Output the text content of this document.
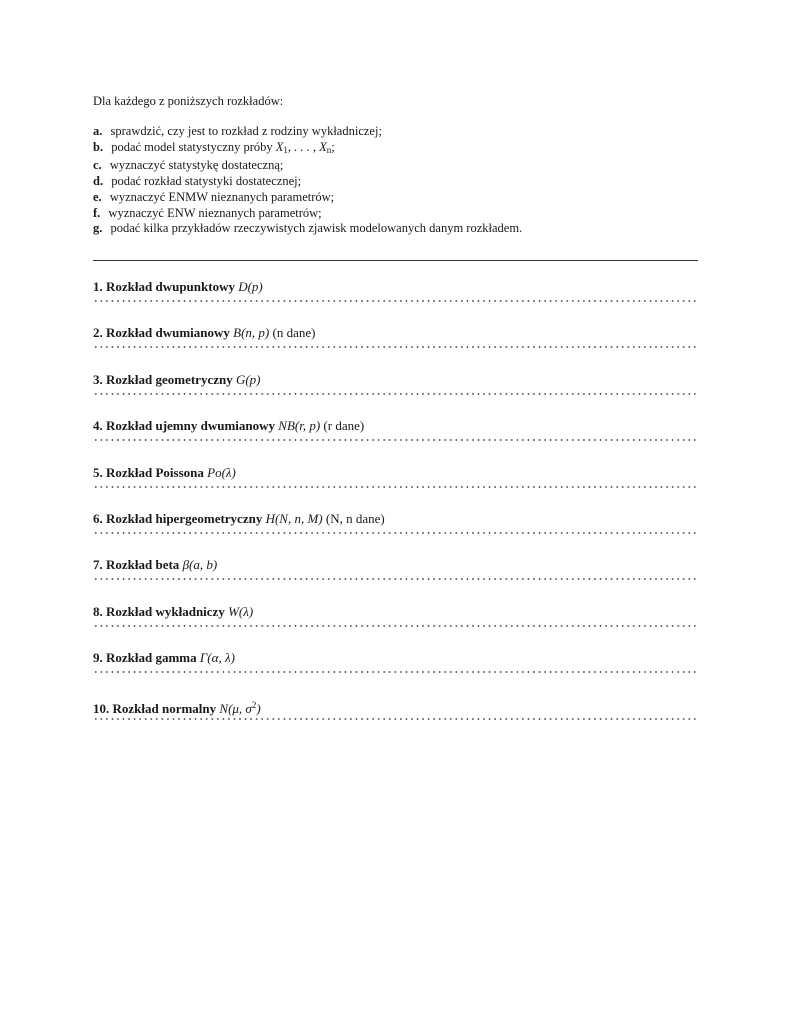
Dla każdego z poniższych rozkładów:
a. sprawdzić, czy jest to rozkład z rodziny wykładniczej;
b. podać model statystyczny próby $X_1$, . . . , $X_n$;
c. wyznaczyć statystykę dostateczną;
d. podać rozkład statystyki dostatecznej;
e. wyznaczyć ENMW nieznanych parametrów;
f. wyznaczyć ENW nieznanych parametrów;
g. podać kilka przykładów rzeczywistych zjawisk modelowanych danym rozkładem.
1. Rozkład dwupunktowy D(p)
2. Rozkład dwumianowy B(n, p) (n dane)
3. Rozkład geometryczny G(p)
4. Rozkład ujemny dwumianowy NB(r, p) (r dane)
5. Rozkład Poissona Po(λ)
6. Rozkład hipergeometryczny H(N, n, M) (N, n dane)
7. Rozkład beta β(a, b)
8. Rozkład wykładniczy W(λ)
9. Rozkład gamma Γ(α, λ)
10. Rozkład normalny N(μ, $\sigma^2$)
